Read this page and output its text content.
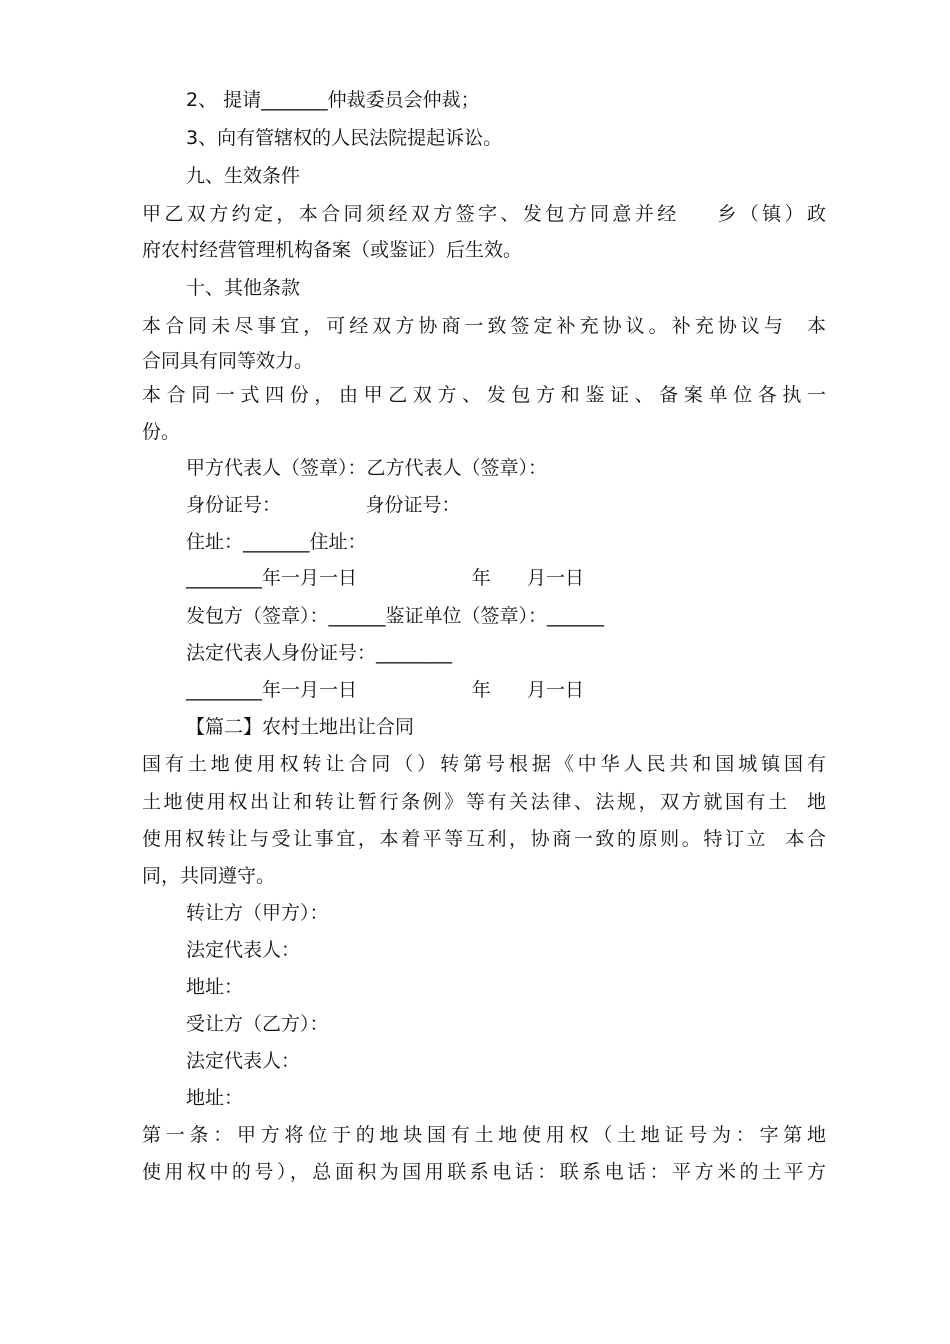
2、 提请_______仲裁委员会仲裁；
3、向有管辖权的人民法院提起诉讼。
九、生效条件
甲乙双方约定，本合同须经双方签字、发包方同意并经    乡（镇）政
府农村经营管理机构备案（或鉴证）后生效。
十、其他条款
本合同未尽事宜，可经双方协商一致签定补充协议。补充协议与  本
合同具有同等效力。
本合同一式四份，由甲乙双方、发包方和鉴证、备案单位各执一
份。
甲方代表人（签章）：乙方代表人（签章）：
身份证号：              身份证号：
住址：_______住址：
________年一月一日                   年      月一日
发包方（签章）：______鉴证单位（签章）：______
法定代表人身份证号：________
________年一月一日                   年      月一日
【篇二】农村土地出让合同
国有土地使用权转让合同（）转第号根据《中华人民共和国城镇国有
土地使用权出让和转让暂行条例》等有关法律、法规，双方就国有土  地
使用权转让与受让事宜，本着平等互利，协商一致的原则。特订立  本合
同，共同遵守。
转让方（甲方）：
法定代表人：
地址：
受让方（乙方）：
法定代表人：
地址：
第一条：甲方将位于的地块国有土地使用权（土地证号为：字第地
使用权中的号），总面积为国用联系电话：联系电话：平方米的土平方
